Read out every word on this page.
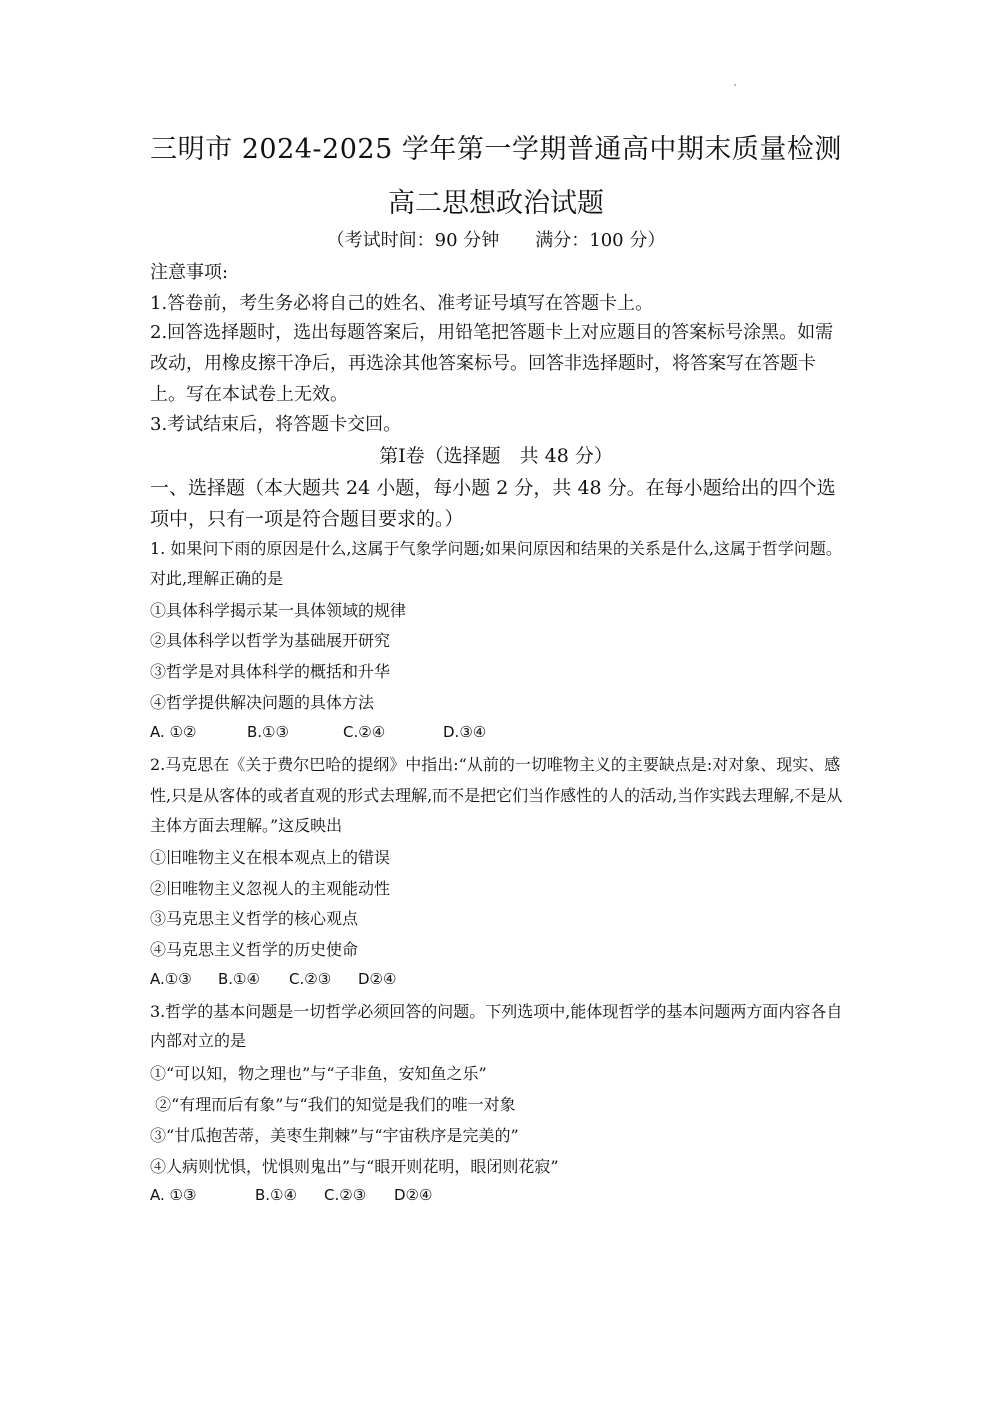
三明市 2024-2025 学年第一学期普通高中期末质量检测
高二思想政治试题
（考试时间：90 分钟 满分：100 分）
注意事项:
1.答卷前，考生务必将自己的姓名、准考证号填写在答题卡上。
2.回答选择题时，选出每题答案后，用铅笔把答题卡上对应题目的答案标号涂黑。如需改动，用橡皮擦干净后，再选涂其他答案标号。回答非选择题时，将答案写在答题卡上。写在本试卷上无效。
3.考试结束后，将答题卡交回。
第Ⅰ卷（选择题　共 48 分）
一、选择题（本大题共 24 小题，每小题 2 分，共 48 分。在每小题给出的四个选项中，只有一项是符合题目要求的。）
1. 如果问下雨的原因是什么,这属于气象学问题;如果问原因和结果的关系是什么,这属于哲学问题。对此,理解正确的是
①具体科学揭示某一具体领域的规律
②具体科学以哲学为基础展开研究
③哲学是对具体科学的概括和升华
④哲学提供解决问题的具体方法
A. ①②	B.①③	C.②④	D.③④
2.马克思在《关于费尔巴哈的提纲》中指出:“从前的一切唯物主义的主要缺点是:对对象、现实、感性,只是从客体的或者直观的形式去理解,而不是把它们当作感性的人的活动,当作实践去理解,不是从主体方面去理解。”这反映出
①旧唯物主义在根本观点上的错误
②旧唯物主义忽视人的主观能动性
③马克思主义哲学的核心观点
④马克思主义哲学的历史使命
A.①③ B.①④ C.②③ D②④
3.哲学的基本问题是一切哲学必须回答的问题。下列选项中,能体现哲学的基本问题两方面内容各自内部对立的是
①“可以知，物之理也”与“子非鱼，安知鱼之乐”
②“有理而后有象”与“我们的知觉是我们的唯一对象
③“甘瓜抱苦蒂，美枣生荆棘”与“宇宙秩序是完美的”
④人病则忧惧，忧惧则鬼出”与“眼开则花明，眼闭则花寂”
A. ①③	B.①④ C.②③ D②④
